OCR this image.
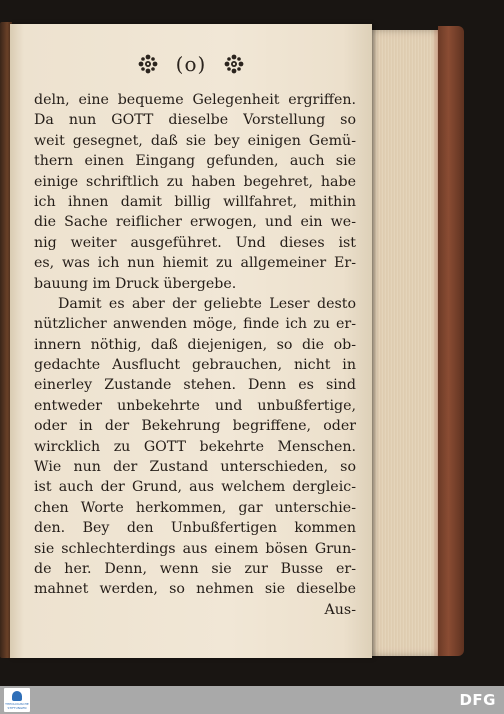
(o)
deln, eine bequeme Gelegenheit ergriffen.
Da nun GOTT dieselbe Vorstellung so
weit gesegnet, daß sie bey einigen Gemü-
thern einen Eingang gefunden, auch sie
einige schriftlich zu haben begehret, habe
ich ihnen damit billig willfahret, mithin
die Sache reiflicher erwogen, und ein we-
nig weiter ausgeführet. Und dieses ist
es, was ich nun hiemit zu allgemeiner Er-
bauung im Druck übergebe.
Damit es aber der geliebte Leser desto
nützlicher anwenden möge, finde ich zu er-
innern nöthig, daß diejenigen, so die ob-
gedachte Ausflucht gebrauchen, nicht in
einerley Zustande stehen. Denn es sind
entweder unbekehrte und unbußfertige,
oder in der Bekehrung begriffene, oder
wircklich zu GOTT bekehrte Menschen.
Wie nun der Zustand unterschieden, so
ist auch der Grund, aus welchem dergleic-
chen Worte herkommen, gar unterschie-
den. Bey den Unbußfertigen kommen
sie schlechterdings aus einem bösen Grun-
de her. Denn, wenn sie zur Busse er-
mahnet werden, so nehmen sie dieselbe
Aus-
THEOLOGISCHE STIFTUNGEN	DFG
